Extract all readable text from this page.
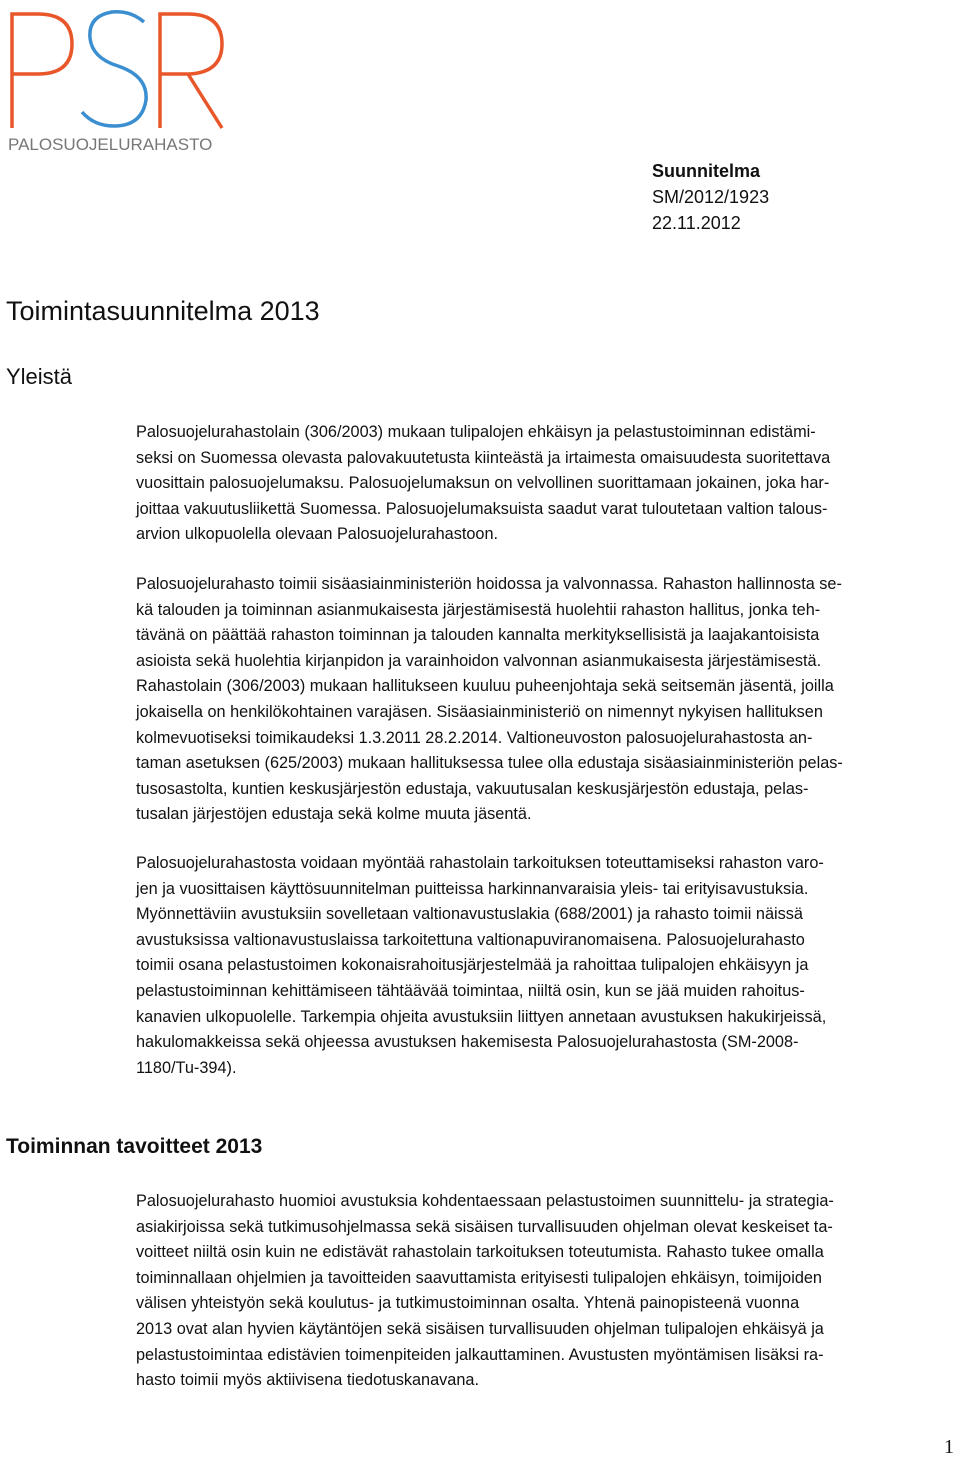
PALOSUOJELURAHASTO
Suunnitelma
SM/2012/1923
22.11.2012
Toimintasuunnitelma 2013
Yleistä
Palosuojelurahastolain (306/2003) mukaan tulipalojen ehkäisyn ja pelastustoiminnan edistämi-
seksi on Suomessa olevasta palovakuutetusta kiinteästä ja irtaimesta omaisuudesta suoritettava
vuosittain palosuojelumaksu. Palosuojelumaksun on velvollinen suorittamaan jokainen, joka har-
joittaa vakuutusliikettä Suomessa. Palosuojelumaksuista saadut varat tuloutetaan valtion talous-
arvion ulkopuolella olevaan Palosuojelurahastoon.
Palosuojelurahasto toimii sisäasiainministeriön hoidossa ja valvonnassa. Rahaston hallinnosta se-
kä talouden ja toiminnan asianmukaisesta järjestämisestä huolehtii rahaston hallitus, jonka teh-
tävänä on päättää rahaston toiminnan ja talouden kannalta merkityksellisistä ja laajakantoisista
asioista sekä huolehtia kirjanpidon ja varainhoidon valvonnan asianmukaisesta järjestämisestä.
Rahastolain (306/2003) mukaan hallitukseen kuuluu puheenjohtaja sekä seitsemän jäsentä, joilla
jokaisella on henkilökohtainen varajäsen. Sisäasiainministeriö on nimennyt nykyisen hallituksen
kolmevuotiseksi toimikaudeksi 1.3.2011 28.2.2014. Valtioneuvoston palosuojelurahastosta an-
taman asetuksen (625/2003) mukaan hallituksessa tulee olla edustaja sisäasiainministeriön pelas-
tusosastolta, kuntien keskusjärjestön edustaja, vakuutusalan keskusjärjestön edustaja, pelas-
tusalan järjestöjen edustaja sekä kolme muuta jäsentä.
Palosuojelurahastosta voidaan myöntää rahastolain tarkoituksen toteuttamiseksi rahaston varo-
jen ja vuosittaisen käyttösuunnitelman puitteissa harkinnanvaraisia yleis- tai erityisavustuksia.
Myönnettäviin avustuksiin sovelletaan valtionavustuslakia (688/2001) ja rahasto toimii näissä
avustuksissa valtionavustuslaissa tarkoitettuna valtionapuviranomaisena. Palosuojelurahasto
toimii osana pelastustoimen kokonaisrahoitusjärjestelmää ja rahoittaa tulipalojen ehkäisyyn ja
pelastustoiminnan kehittämiseen tähtäävää toimintaa, niiltä osin, kun se jää muiden rahoitus-
kanavien ulkopuolelle. Tarkempia ohjeita avustuksiin liittyen annetaan avustuksen hakukirjeissä,
hakulomakkeissa sekä ohjeessa avustuksen hakemisesta Palosuojelurahastosta (SM-2008-
1180/Tu-394).
Toiminnan tavoitteet 2013
Palosuojelurahasto huomioi avustuksia kohdentaessaan pelastustoimen suunnittelu- ja strategia-
asiakirjoissa sekä tutkimusohjelmassa sekä sisäisen turvallisuuden ohjelman olevat keskeiset ta-
voitteet niiltä osin kuin ne edistävät rahastolain tarkoituksen toteutumista. Rahasto tukee omalla
toiminnallaan ohjelmien ja tavoitteiden saavuttamista erityisesti tulipalojen ehkäisyn, toimijoiden
välisen yhteistyön sekä koulutus- ja tutkimustoiminnan osalta. Yhtenä painopisteenä vuonna
2013 ovat alan hyvien käytäntöjen sekä sisäisen turvallisuuden ohjelman tulipalojen ehkäisyä ja
pelastustoimintaa edistävien toimenpiteiden jalkauttaminen. Avustusten myöntämisen lisäksi ra-
hasto toimii myös aktiivisena tiedotuskanavana.
1
